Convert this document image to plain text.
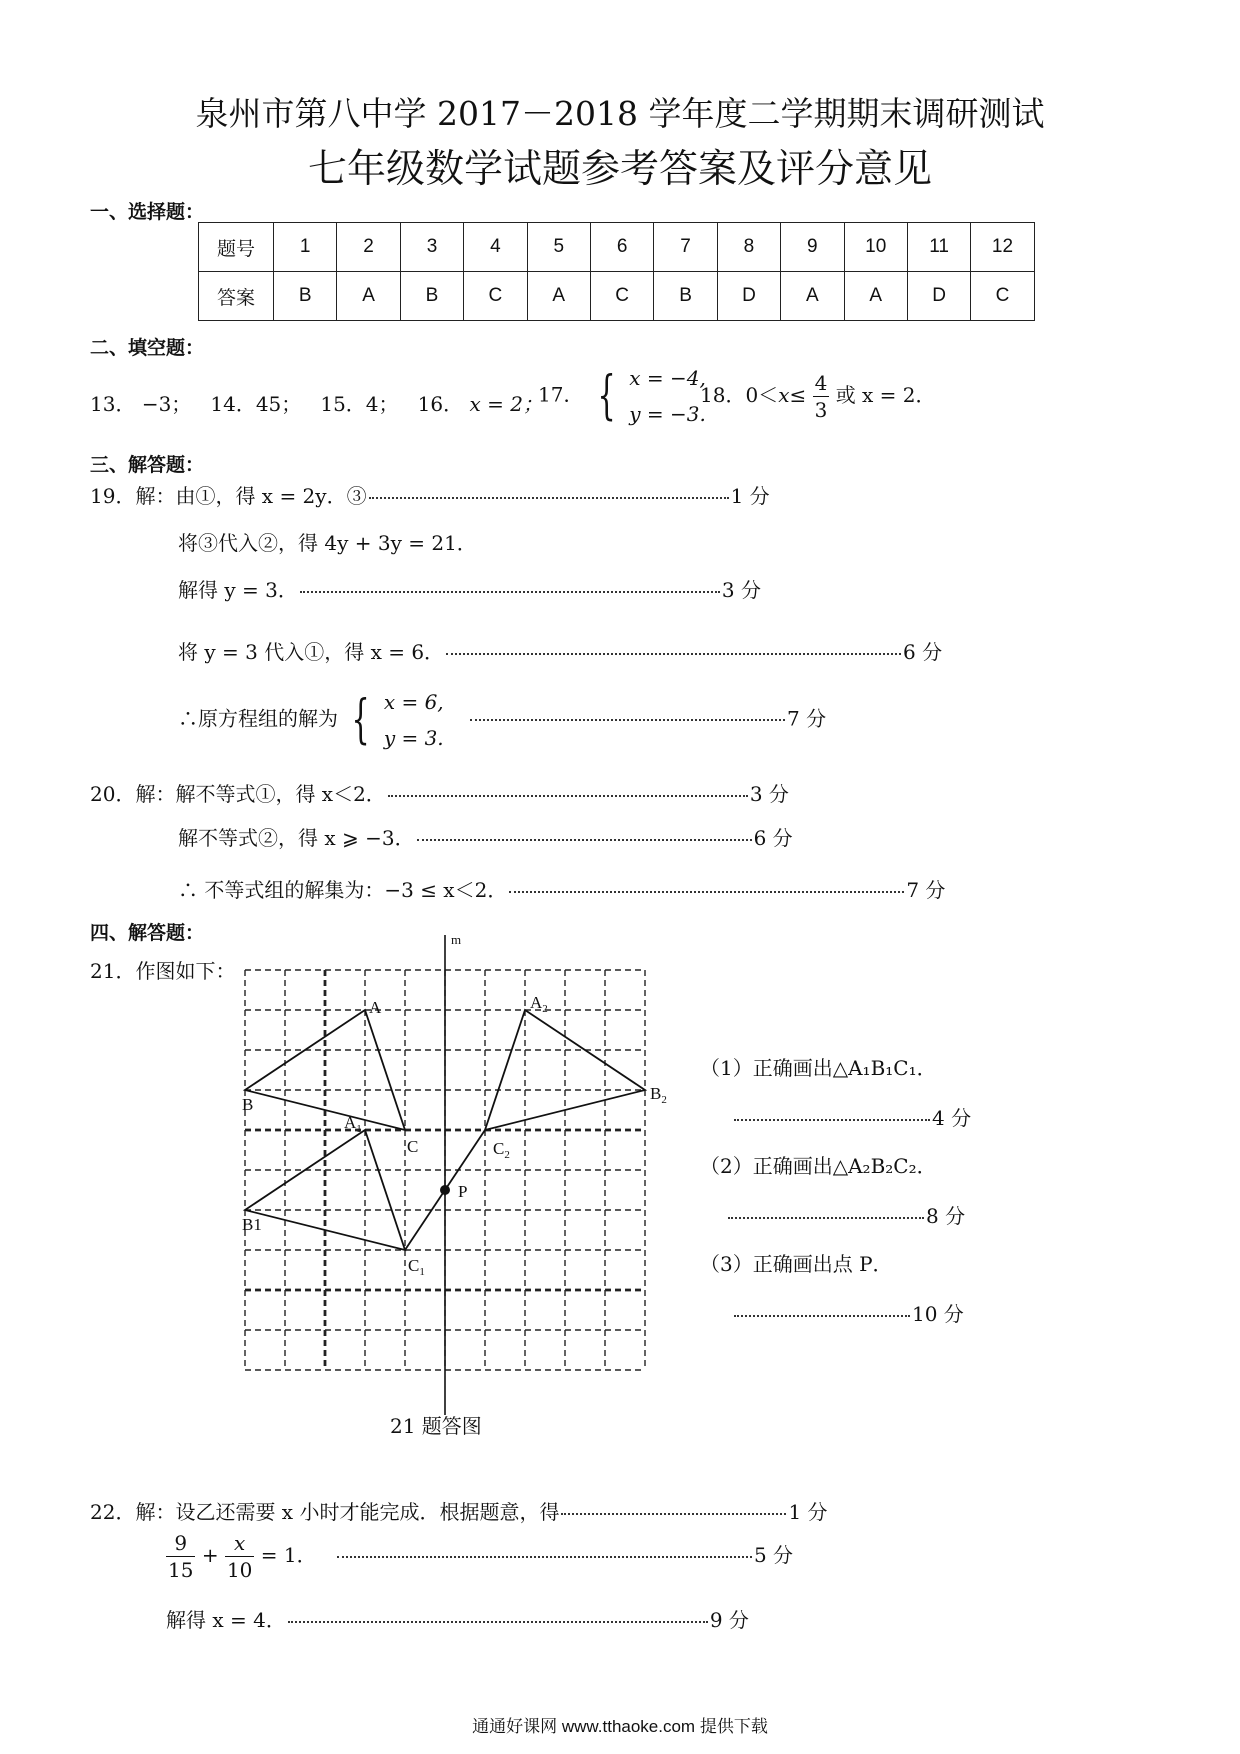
泉州市第八中学 2017－2018 学年度二学期期末调研测试
七年级数学试题参考答案及评分意见
一、选择题：
题号	1	2	3	4	5	6	7	8	9	10	11	12
答案	B	A	B	C	A	C	B	D	A	A	D	C
二、填空题：
13． −3； 14．45； 15．4； 16． x = 2；
17． { x = −4,
y = −3.
18．$0<x\le \frac{4}{3}$ 或 x = 2．
三、解答题：
19．解：由①，得 x = 2y．③	1 分
将③代入②，得 4y + 3y = 21．
解得 y = 3．	3 分
将 y = 3 代入①，得 x = 6．	6 分
∴原方程组的解为 { x = 6,
y = 3.
7 分
20．解：解不等式①，得 x＜2．	3 分
解不等式②，得 x ⩾ −3．	6 分
∴ 不等式组的解集为：−3 ≤ x＜2．	7 分
四、解答题：
21．作图如下：
m
A
B
C
$A_1$
B1
$C_1$
$A_2$
$B_2$
$C_2$
P
21 题答图
（1）正确画出△A₁B₁C₁．
4 分
（2）正确画出△A₂B₂C₂．
8 分
（3）正确画出点 P．
10 分
22．解：设乙还需要 x 小时才能完成．根据题意，得	1 分
$\frac{9}{15} + \frac{x}{10} = 1$．	5 分
解得 x = 4．	9 分
通通好课网 www.tthaoke.com 提供下载
